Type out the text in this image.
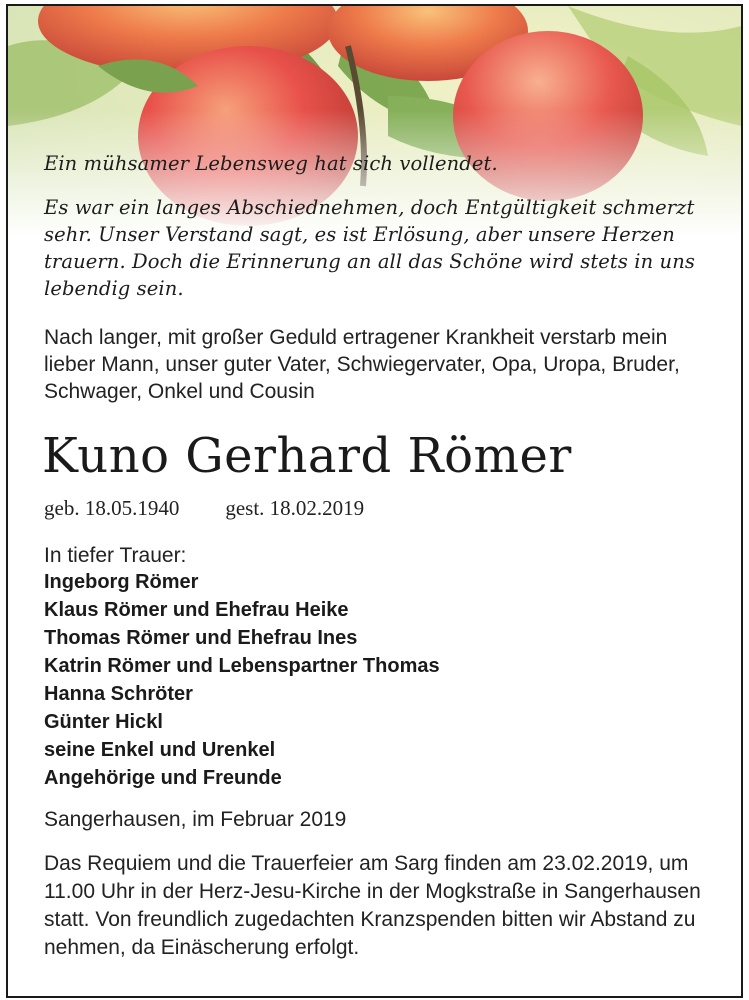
Ein mühsamer Lebensweg hat sich vollendet.

Es war ein langes Abschiednehmen, doch Entgültigkeit schmerzt sehr. Unser Verstand sagt, es ist Erlösung, aber unsere Herzen trauern. Doch die Erinnerung an all das Schöne wird stets in uns lebendig sein.

Nach langer, mit großer Geduld ertragener Krankheit verstarb mein lieber Mann, unser guter Vater, Schwiegervater, Opa, Uropa, Bruder, Schwager, Onkel und Cousin

Kuno Gerhard Römer
geb. 18.05.1940 gest. 18.02.2019
In tiefer Trauer:
Ingeborg Römer
Klaus Römer und Ehefrau Heike
Thomas Römer und Ehefrau Ines
Katrin Römer und Lebenspartner Thomas
Hanna Schröter
Günter Hickl
seine Enkel und Urenkel
Angehörige und Freunde
Sangerhausen, im Februar 2019

Das Requiem und die Trauerfeier am Sarg finden am 23.02.2019, um 11.00 Uhr in der Herz-Jesu-Kirche in der Mogkstraße in Sangerhausen statt. Von freundlich zugedachten Kranzspenden bitten wir Abstand zu nehmen, da Einäscherung erfolgt.
